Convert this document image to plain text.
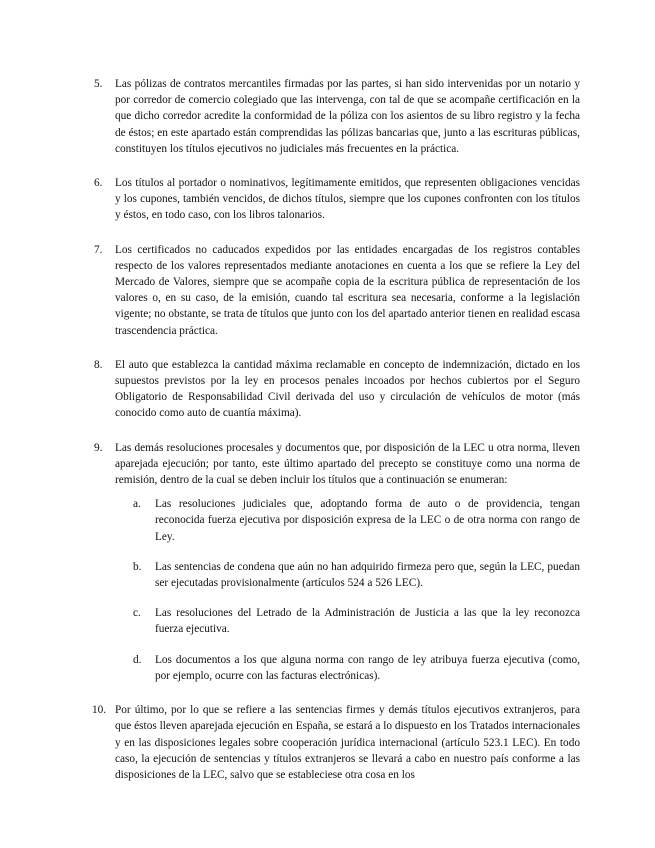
5. Las pólizas de contratos mercantiles firmadas por las partes, si han sido intervenidas por un notario y por corredor de comercio colegiado que las intervenga, con tal de que se acompañe certificación en la que dicho corredor acredite la conformidad de la póliza con los asientos de su libro registro y la fecha de éstos; en este apartado están comprendidas las pólizas bancarias que, junto a las escrituras públicas, constituyen los títulos ejecutivos no judiciales más frecuentes en la práctica.
6. Los títulos al portador o nominativos, legítimamente emitidos, que representen obligaciones vencidas y los cupones, también vencidos, de dichos títulos, siempre que los cupones confronten con los títulos y éstos, en todo caso, con los libros talonarios.
7. Los certificados no caducados expedidos por las entidades encargadas de los registros contables respecto de los valores representados mediante anotaciones en cuenta a los que se refiere la Ley del Mercado de Valores, siempre que se acompañe copia de la escritura pública de representación de los valores o, en su caso, de la emisión, cuando tal escritura sea necesaria, conforme a la legislación vigente; no obstante, se trata de títulos que junto con los del apartado anterior tienen en realidad escasa trascendencia práctica.
8. El auto que establezca la cantidad máxima reclamable en concepto de indemnización, dictado en los supuestos previstos por la ley en procesos penales incoados por hechos cubiertos por el Seguro Obligatorio de Responsabilidad Civil derivada del uso y circulación de vehículos de motor (más conocido como auto de cuantía máxima).
9. Las demás resoluciones procesales y documentos que, por disposición de la LEC u otra norma, lleven aparejada ejecución; por tanto, este último apartado del precepto se constituye como una norma de remisión, dentro de la cual se deben incluir los títulos que a continuación se enumeran:
a. Las resoluciones judiciales que, adoptando forma de auto o de providencia, tengan reconocida fuerza ejecutiva por disposición expresa de la LEC o de otra norma con rango de Ley.
b. Las sentencias de condena que aún no han adquirido firmeza pero que, según la LEC, puedan ser ejecutadas provisionalmente (artículos 524 a 526 LEC).
c. Las resoluciones del Letrado de la Administración de Justicia a las que la ley reconozca fuerza ejecutiva.
d. Los documentos a los que alguna norma con rango de ley atribuya fuerza ejecutiva (como, por ejemplo, ocurre con las facturas electrónicas).
10. Por último, por lo que se refiere a las sentencias firmes y demás títulos ejecutivos extranjeros, para que éstos lleven aparejada ejecución en España, se estará a lo dispuesto en los Tratados internacionales y en las disposiciones legales sobre cooperación jurídica internacional (artículo 523.1 LEC). En todo caso, la ejecución de sentencias y títulos extranjeros se llevará a cabo en nuestro país conforme a las disposiciones de la LEC, salvo que se estableciese otra cosa en los
